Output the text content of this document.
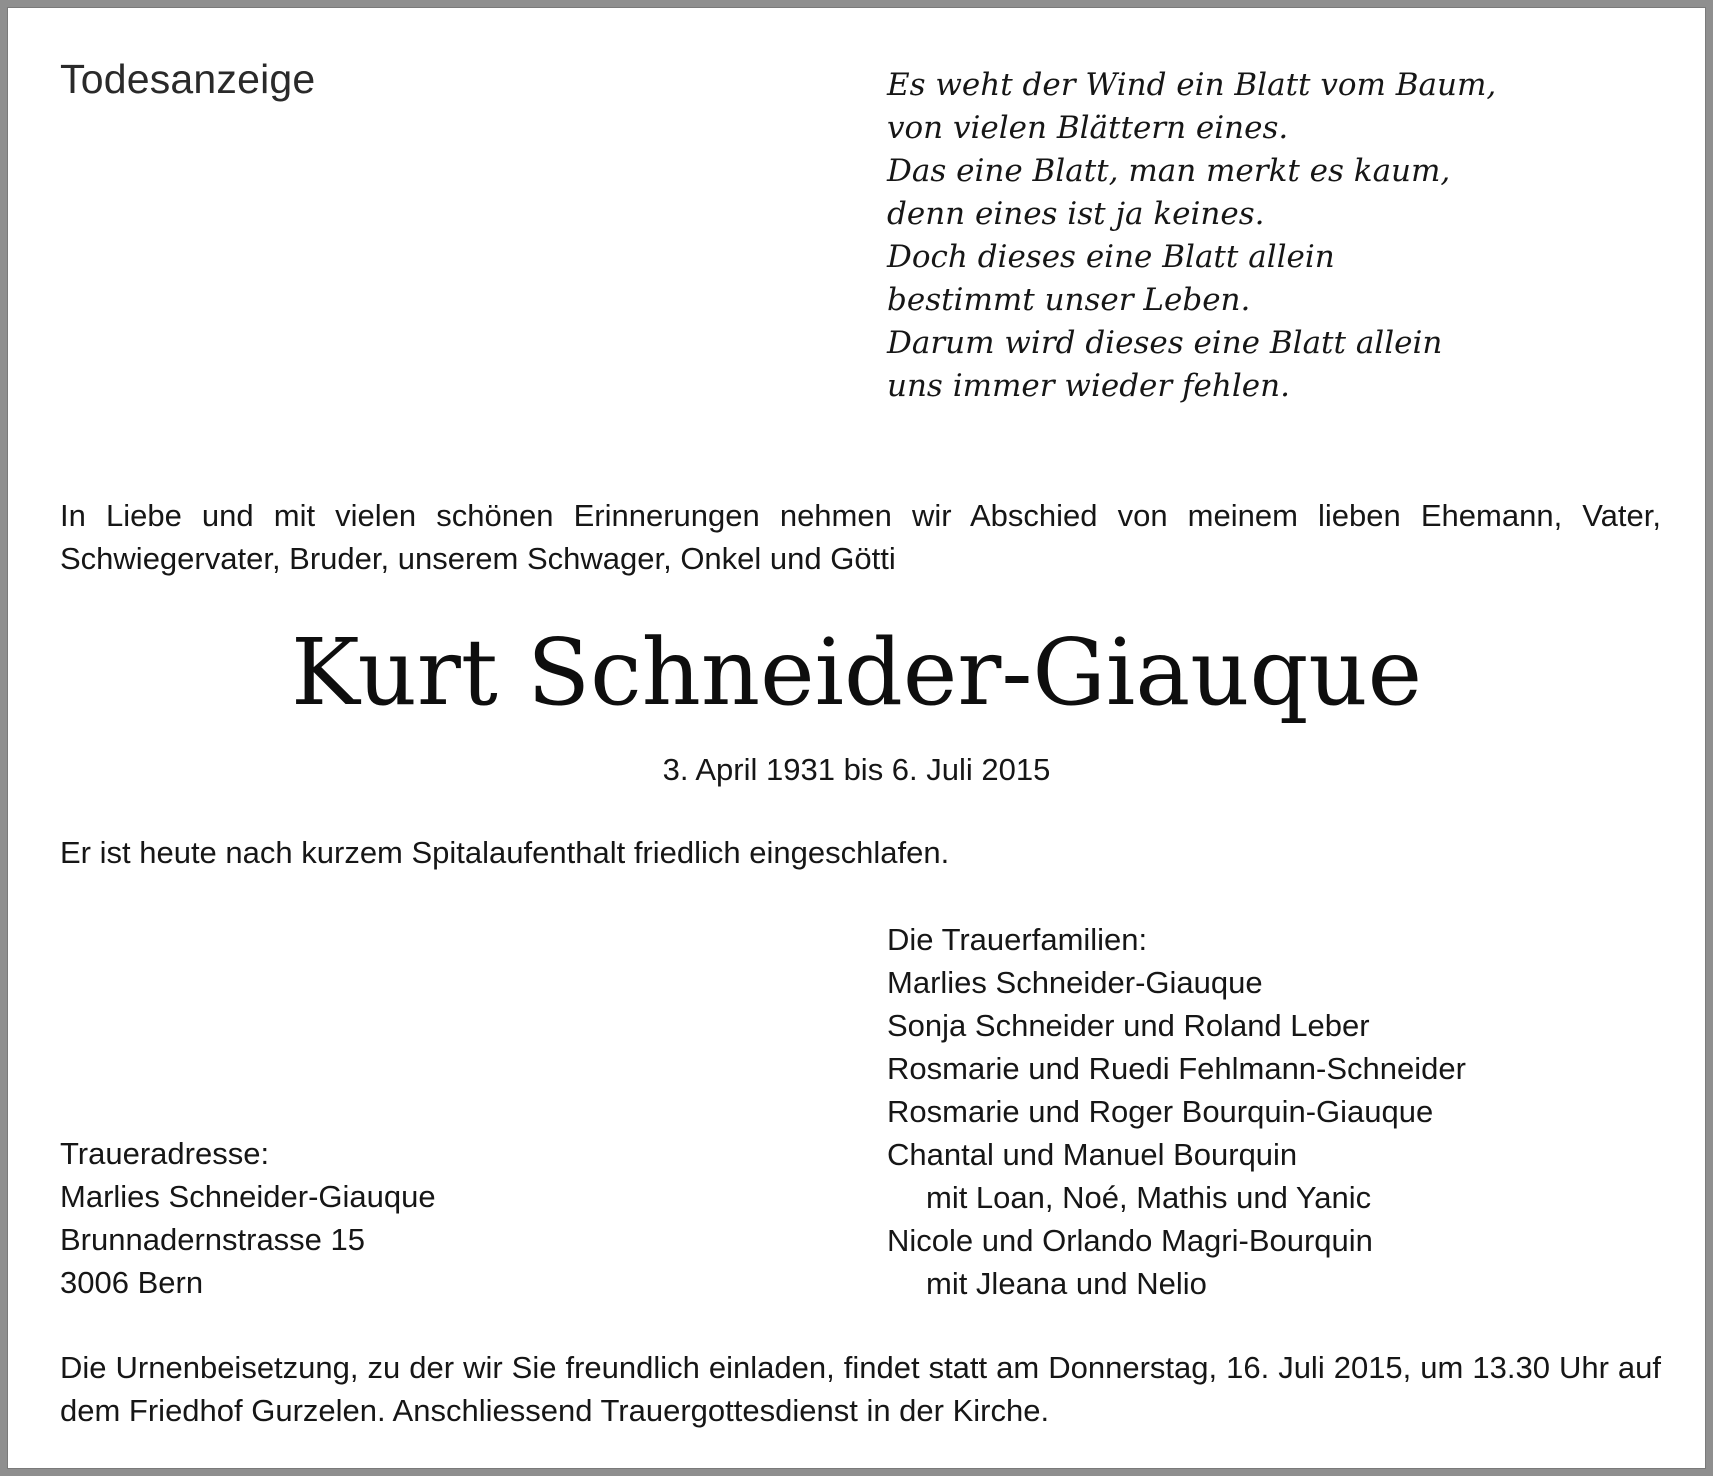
Todesanzeige	Es weht der Wind ein Blatt vom Baum,
von vielen Blättern eines.
Das eine Blatt, man merkt es kaum,
denn eines ist ja keines.
Doch dieses eine Blatt allein
bestimmt unser Leben.
Darum wird dieses eine Blatt allein
uns immer wieder fehlen.

In Liebe und mit vielen schönen Erinnerungen nehmen wir Abschied von meinem lieben Ehemann, Vater, Schwiegervater, Bruder, unserem Schwager, Onkel und Götti

Kurt Schneider-Giauque

3. April 1931 bis 6. Juli 2015

Er ist heute nach kurzem Spitalaufenthalt friedlich eingeschlafen.

Die Trauerfamilien:
Marlies Schneider-Giauque
Sonja Schneider und Roland Leber
Rosmarie und Ruedi Fehlmann-Schneider
Rosmarie und Roger Bourquin-Giauque
Chantal und Manuel Bourquin
mit Loan, Noé, Mathis und Yanic
Nicole und Orlando Magri-Bourquin
mit Jleana und Nelio
Traueradresse:
Marlies Schneider-Giauque
Brunnadernstrasse 15
3006 Bern

Die Urnenbeisetzung, zu der wir Sie freundlich einladen, findet statt am Donnerstag, 16. Juli 2015, um 13.30 Uhr auf dem Friedhof Gurzelen. Anschliessend Trauergottesdienst in der Kirche.
